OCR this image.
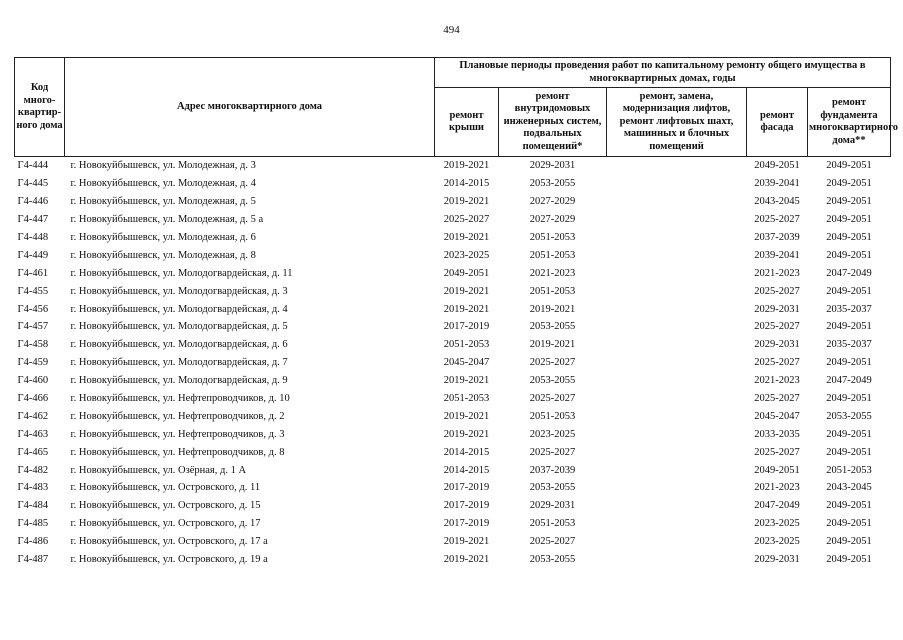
494
Код много-квартир-ного дома	Адрес многоквартирного дома	Плановые периоды проведения работ по капитальному ремонту общего имущества в многоквартирных домах, годы				
		ремонт крыши	ремонт внутридомовых инженерных систем, подвальных помещений*	ремонт, замена, модернизация лифтов, ремонт лифтовых шахт, машинных и блочных помещений	ремонт фасада	ремонт фундамента многоквартирного дома**
Г4-444	г. Новокуйбышевск, ул. Молодежная, д. 3	2019-2021	2029-2031		2049-2051	2049-2051
Г4-445	г. Новокуйбышевск, ул. Молодежная, д. 4	2014-2015	2053-2055		2039-2041	2049-2051
Г4-446	г. Новокуйбышевск, ул. Молодежная, д. 5	2019-2021	2027-2029		2043-2045	2049-2051
Г4-447	г. Новокуйбышевск, ул. Молодежная, д. 5 а	2025-2027	2027-2029		2025-2027	2049-2051
Г4-448	г. Новокуйбышевск, ул. Молодежная, д. 6	2019-2021	2051-2053		2037-2039	2049-2051
Г4-449	г. Новокуйбышевск, ул. Молодежная, д. 8	2023-2025	2051-2053		2039-2041	2049-2051
Г4-461	г. Новокуйбышевск, ул. Молодогвардейская, д. 11	2049-2051	2021-2023		2021-2023	2047-2049
Г4-455	г. Новокуйбышевск, ул. Молодогвардейская, д. 3	2019-2021	2051-2053		2025-2027	2049-2051
Г4-456	г. Новокуйбышевск, ул. Молодогвардейская, д. 4	2019-2021	2019-2021		2029-2031	2035-2037
Г4-457	г. Новокуйбышевск, ул. Молодогвардейская, д. 5	2017-2019	2053-2055		2025-2027	2049-2051
Г4-458	г. Новокуйбышевск, ул. Молодогвардейская, д. 6	2051-2053	2019-2021		2029-2031	2035-2037
Г4-459	г. Новокуйбышевск, ул. Молодогвардейская, д. 7	2045-2047	2025-2027		2025-2027	2049-2051
Г4-460	г. Новокуйбышевск, ул. Молодогвардейская, д. 9	2019-2021	2053-2055		2021-2023	2047-2049
Г4-466	г. Новокуйбышевск, ул. Нефтепроводчиков, д. 10	2051-2053	2025-2027		2025-2027	2049-2051
Г4-462	г. Новокуйбышевск, ул. Нефтепроводчиков, д. 2	2019-2021	2051-2053		2045-2047	2053-2055
Г4-463	г. Новокуйбышевск, ул. Нефтепроводчиков, д. 3	2019-2021	2023-2025		2033-2035	2049-2051
Г4-465	г. Новокуйбышевск, ул. Нефтепроводчиков, д. 8	2014-2015	2025-2027		2025-2027	2049-2051
Г4-482	г. Новокуйбышевск, ул. Озёрная, д. 1 А	2014-2015	2037-2039		2049-2051	2051-2053
Г4-483	г. Новокуйбышевск, ул. Островского, д. 11	2017-2019	2053-2055		2021-2023	2043-2045
Г4-484	г. Новокуйбышевск, ул. Островского, д. 15	2017-2019	2029-2031		2047-2049	2049-2051
Г4-485	г. Новокуйбышевск, ул. Островского, д. 17	2017-2019	2051-2053		2023-2025	2049-2051
Г4-486	г. Новокуйбышевск, ул. Островского, д. 17 а	2019-2021	2025-2027		2023-2025	2049-2051
Г4-487	г. Новокуйбышевск, ул. Островского, д. 19 а	2019-2021	2053-2055		2029-2031	2049-2051
